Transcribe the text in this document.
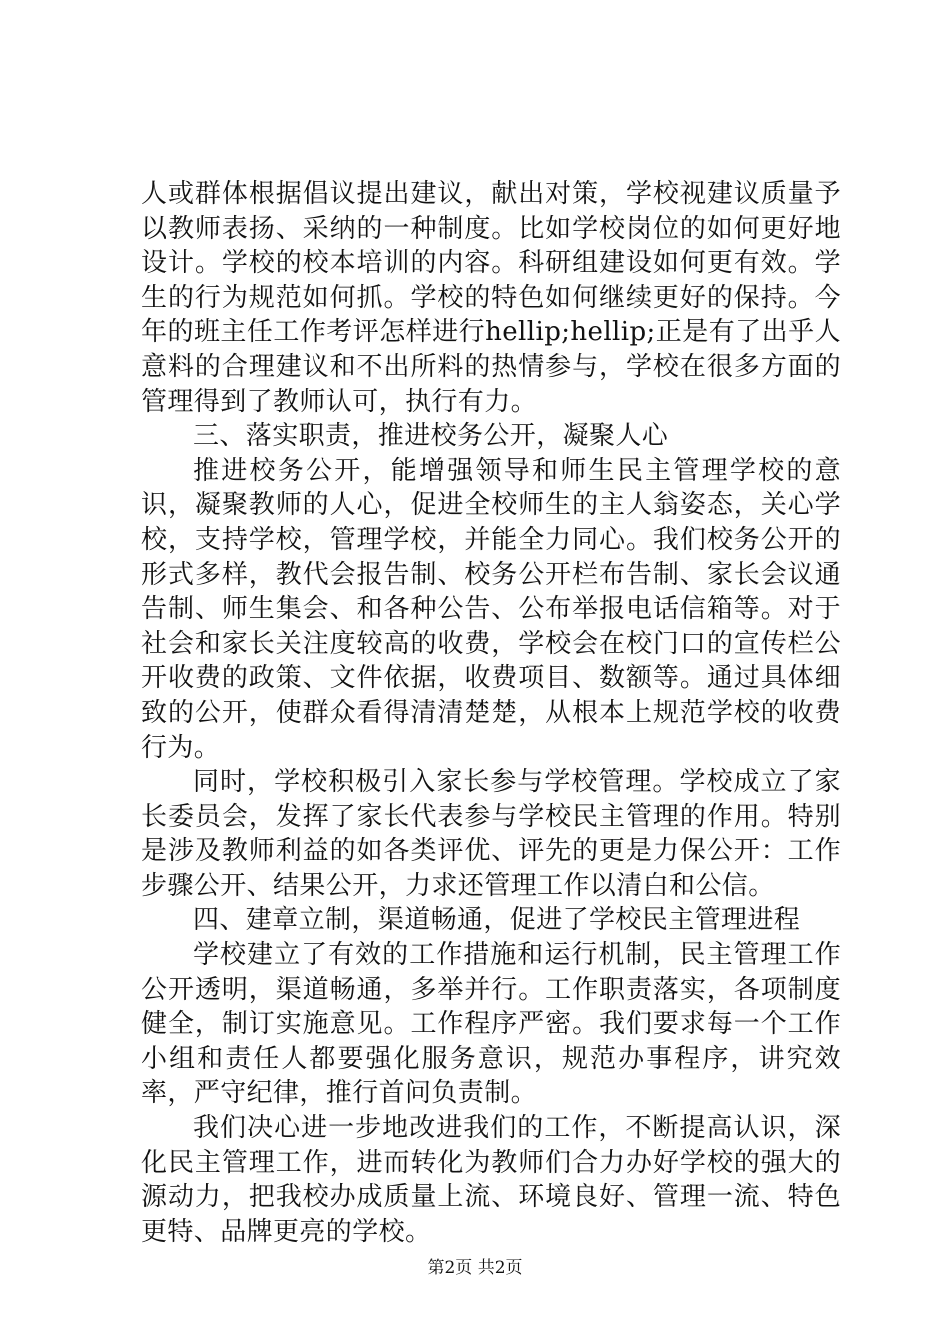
人或群体根据倡议提出建议，献出对策，学校视建议质量予以教师表扬、采纳的一种制度。比如学校岗位的如何更好地设计。学校的校本培训的内容。科研组建设如何更有效。学生的行为规范如何抓。学校的特色如何继续更好的保持。今年的班主任工作考评怎样进行hellip;hellip;正是有了出乎人意料的合理建议和不出所料的热情参与，学校在很多方面的管理得到了教师认可，执行有力。

三、落实职责，推进校务公开，凝聚人心

推进校务公开，能增强领导和师生民主管理学校的意识，凝聚教师的人心，促进全校师生的主人翁姿态，关心学校，支持学校，管理学校，并能全力同心。我们校务公开的形式多样，教代会报告制、校务公开栏布告制、家长会议通告制、师生集会、和各种公告、公布举报电话信箱等。对于社会和家长关注度较高的收费，学校会在校门口的宣传栏公开收费的政策、文件依据，收费项目、数额等。通过具体细致的公开，使群众看得清清楚楚，从根本上规范学校的收费行为。

同时，学校积极引入家长参与学校管理。学校成立了家长委员会，发挥了家长代表参与学校民主管理的作用。特别是涉及教师利益的如各类评优、评先的更是力保公开：工作步骤公开、结果公开，力求还管理工作以清白和公信。

四、建章立制，渠道畅通，促进了学校民主管理进程

学校建立了有效的工作措施和运行机制，民主管理工作公开透明，渠道畅通，多举并行。工作职责落实，各项制度健全，制订实施意见。工作程序严密。我们要求每一个工作小组和责任人都要强化服务意识，规范办事程序，讲究效率，严守纪律，推行首问负责制。

我们决心进一步地改进我们的工作，不断提高认识，深化民主管理工作，进而转化为教师们合力办好学校的强大的源动力，把我校办成质量上流、环境良好、管理一流、特色更特、品牌更亮的学校。

第2页 共2页
